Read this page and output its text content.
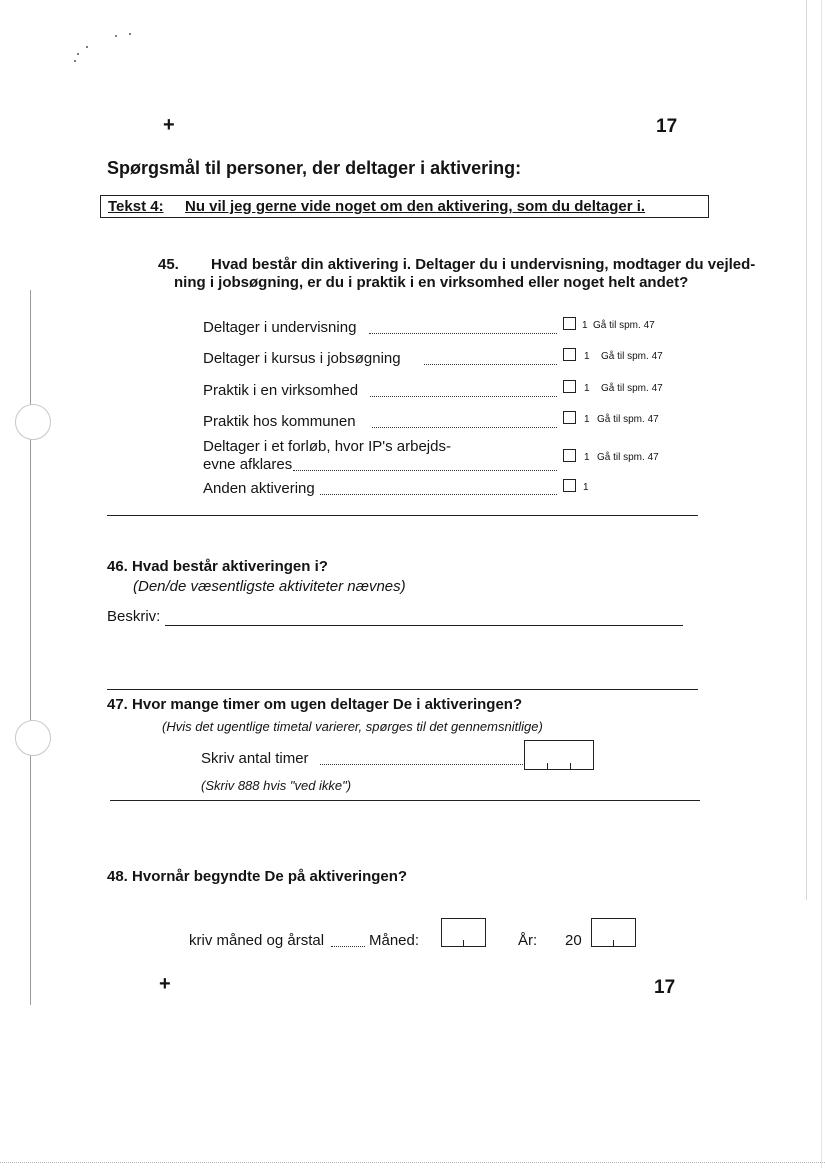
+	17
Spørgsmål til personer, der deltager i aktivering:
Tekst 4: Nu vil jeg gerne vide noget om den aktivering, som du deltager i.
45. Hvad består din aktivering i. Deltager du i undervisning, modtager du vejled-
ning i jobsøgning, er du i praktik i en virksomhed eller noget helt andet?
Deltager i undervisning	1 Gå til spm. 47
Deltager i kursus i jobsøgning	1 Gå til spm. 47
Praktik i en virksomhed	1 Gå til spm. 47
Praktik hos kommunen	1 Gå til spm. 47
Deltager i et forløb, hvor IP's arbejds-
evne afklares	1 Gå til spm. 47
Anden aktivering	1
46. Hvad består aktiveringen i?
(Den/de væsentligste aktiviteter nævnes)
Beskriv:
47. Hvor mange timer om ugen deltager De i aktiveringen?
(Hvis det ugentlige timetal varierer, spørges til det gennemsnitlige)
Skriv antal timer
(Skriv 888 hvis "ved ikke")
48. Hvornår begyndte De på aktiveringen?
kriv måned og årstal	Måned:	År: 20
+	17
